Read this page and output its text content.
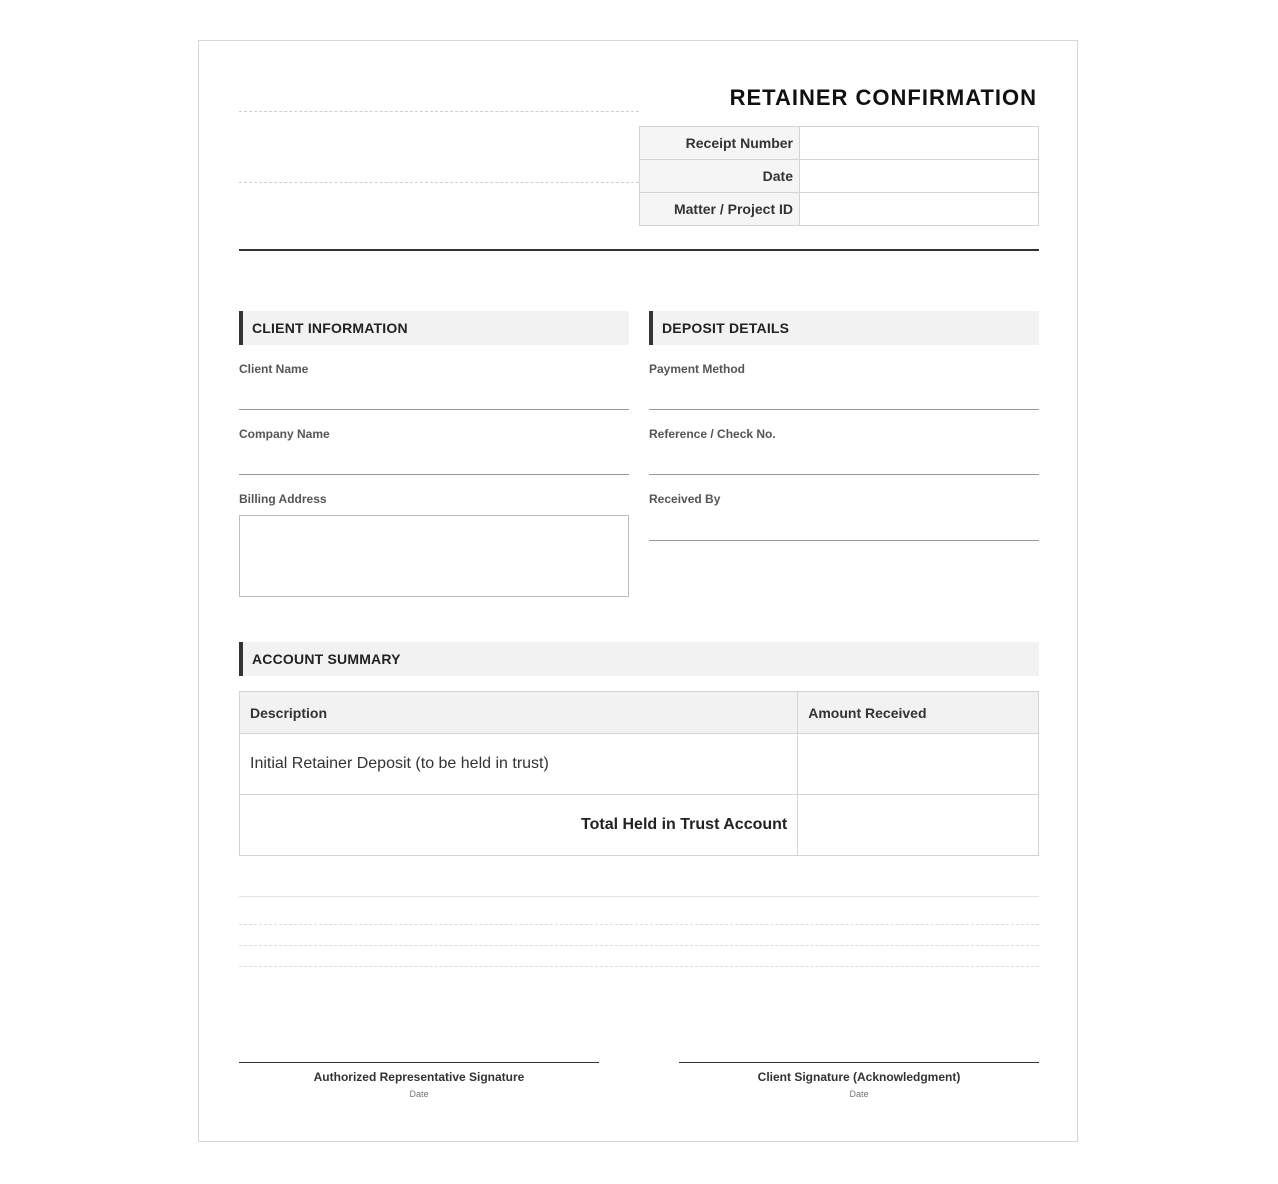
RETAINER CONFIRMATION
Receipt Number	
Date	
Matter / Project ID	
CLIENT INFORMATION
Client Name
Company Name
Billing Address
DEPOSIT DETAILS
Payment Method
Reference / Check No.
Received By
ACCOUNT SUMMARY
Description	Amount Received
Initial Retainer Deposit (to be held in trust)	
Total Held in Trust Account	
Authorized Representative Signature
Date
Client Signature (Acknowledgment)
Date
